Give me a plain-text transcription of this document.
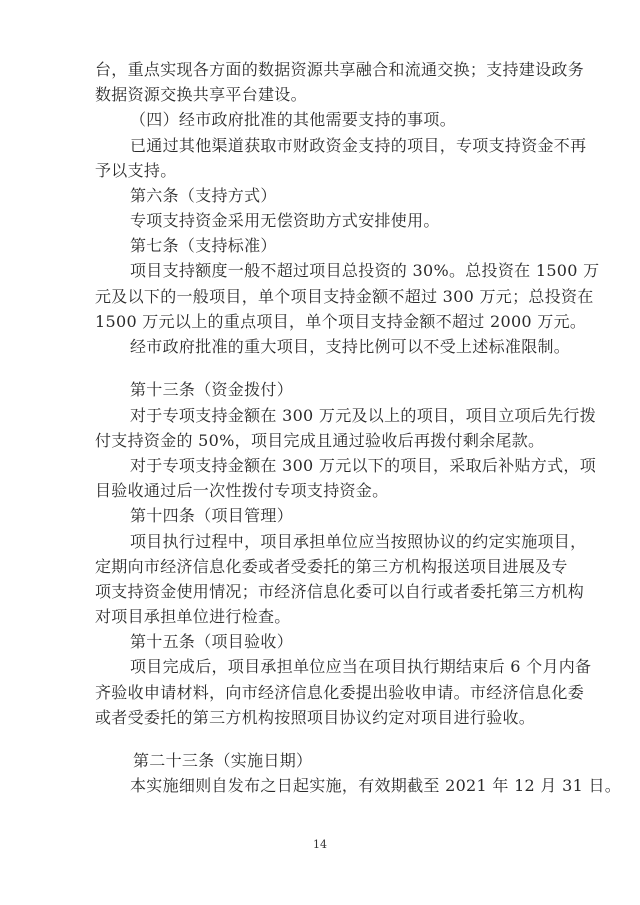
台，重点实现各方面的数据资源共享融合和流通交换；支持建设政务
数据资源交换共享平台建设。
（四）经市政府批准的其他需要支持的事项。
已通过其他渠道获取市财政资金支持的项目，专项支持资金不再
予以支持。
第六条（支持方式）
专项支持资金采用无偿资助方式安排使用。
第七条（支持标准）
项目支持额度一般不超过项目总投资的 30%。总投资在 1500 万
元及以下的一般项目，单个项目支持金额不超过 300 万元；总投资在
1500 万元以上的重点项目，单个项目支持金额不超过 2000 万元。
经市政府批准的重大项目，支持比例可以不受上述标准限制。
第十三条（资金拨付）
对于专项支持金额在 300 万元及以上的项目，项目立项后先行拨
付支持资金的 50%，项目完成且通过验收后再拨付剩余尾款。
对于专项支持金额在 300 万元以下的项目，采取后补贴方式，项
目验收通过后一次性拨付专项支持资金。
第十四条（项目管理）
项目执行过程中，项目承担单位应当按照协议的约定实施项目，
定期向市经济信息化委或者受委托的第三方机构报送项目进展及专
项支持资金使用情况；市经济信息化委可以自行或者委托第三方机构
对项目承担单位进行检查。
第十五条（项目验收）
项目完成后，项目承担单位应当在项目执行期结束后 6 个月内备
齐验收申请材料，向市经济信息化委提出验收申请。市经济信息化委
或者受委托的第三方机构按照项目协议约定对项目进行验收。
第二十三条（实施日期）
本实施细则自发布之日起实施，有效期截至 2021 年 12 月 31 日。
14
